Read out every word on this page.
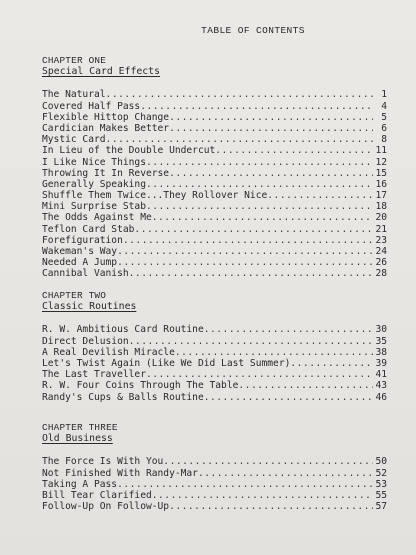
TABLE OF CONTENTS
CHAPTER ONE
Special Card Effects
The Natural .....	1
Covered Half Pass .....	4
Flexible Hittop Change .....	5
Cardician Makes Better .....	6
Mystic Card .....	8
In Lieu of the Double Undercut .....	11
I Like Nice Things .....	12
Throwing It In Reverse .....	15
Generally Speaking .....	16
Shuffle Them Twice...They Rollover Nice .....	17
Mini Surprise Stab .....	18
The Odds Against Me .....	20
Teflon Card Stab .....	21
Forefiguration .....	23
Wakeman's Way .....	24
Needed A Jump .....	26
Cannibal Vanish .....	28
CHAPTER TWO
Classic Routines
R. W. Ambitious Card Routine .....	30
Direct Delusion .....	35
A Real Devilish Miracle .....	38
Let's Twist Again (Like We Did Last Summer) .....	39
The Last Traveller .....	41
R. W. Four Coins Through The Table .....	43
Randy's Cups & Balls Routine .....	46
CHAPTER THREE
Old Business
The Force Is With You .....	50
Not Finished With Randy-Mar .....	52
Taking A Pass .....	53
Bill Tear Clarified .....	55
Follow-Up On Follow-Up .....	57
